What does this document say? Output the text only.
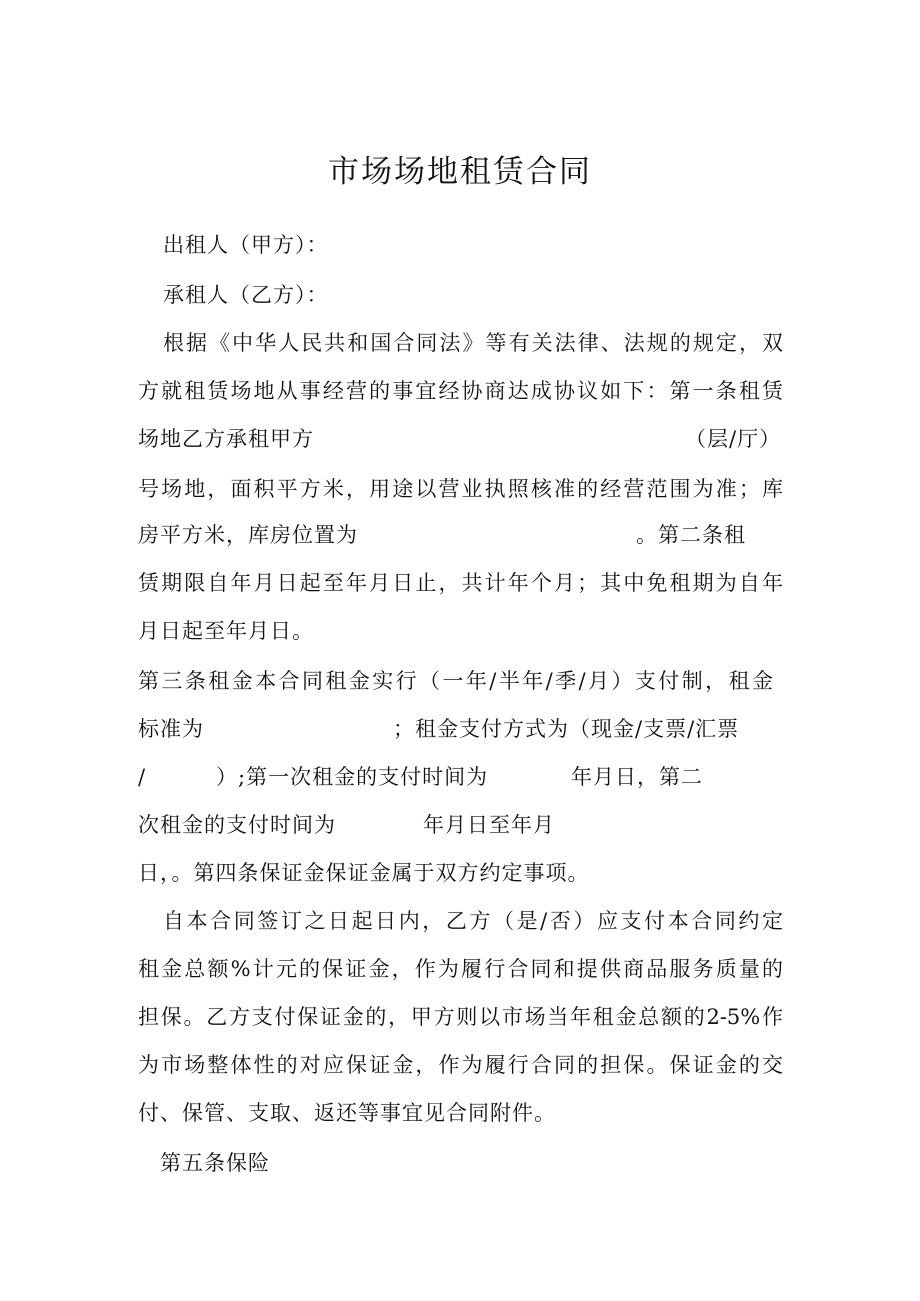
市场场地租赁合同
出租人（甲方）：
承租人（乙方）：
根据《中华人民共和国合同法》等有关法律、法规的规定，双
方就租赁场地从事经营的事宜经协商达成协议如下：第一条租赁
场地乙方承租甲方	（层/厅）
号场地，面积平方米，用途以营业执照核准的经营范围为准；库
房平方米，库房位置为	。第二条租
赁期限自年月日起至年月日止，共计年个月；其中免租期为自年
月日起至年月日。
第三条租金本合同租金实行（一年/半年/季/月）支付制，租金
标准为	；租金支付方式为（现金/支票/汇票
/	）;第一次租金的支付时间为	年月日，第二
次租金的支付时间为	年月日至年月
日，。第四条保证金保证金属于双方约定事项。
自本合同签订之日起日内，乙方（是/否）应支付本合同约定
租金总额%计元的保证金，作为履行合同和提供商品服务质量的
担保。乙方支付保证金的，甲方则以市场当年租金总额的2-5%作
为市场整体性的对应保证金，作为履行合同的担保。保证金的交
付、保管、支取、返还等事宜见合同附件。
第五条保险
